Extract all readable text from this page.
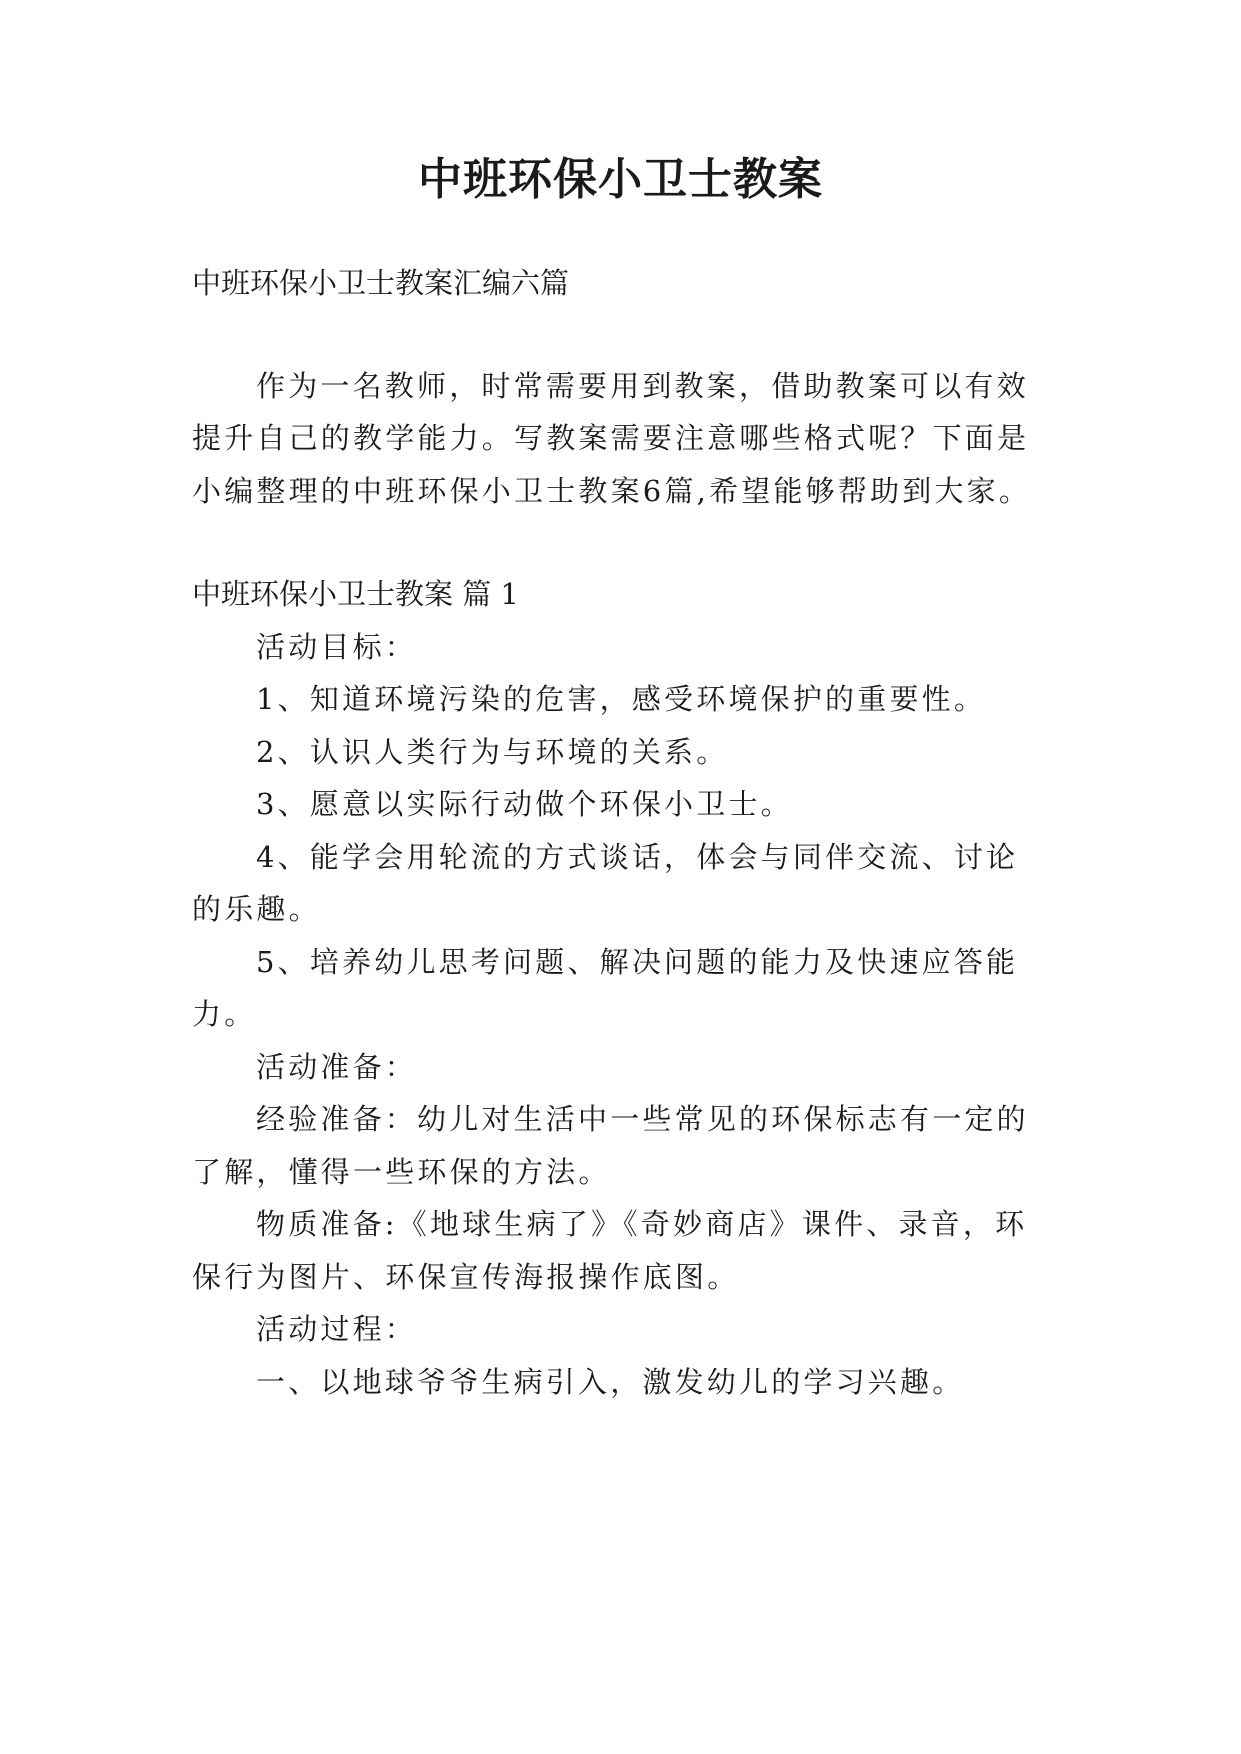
中班环保小卫士教案

中班环保小卫士教案汇编六篇

作为一名教师，时常需要用到教案，借助教案可以有效

提升自己的教学能力。写教案需要注意哪些格式呢？下面是

小编整理的中班环保小卫士教案6篇,希望能够帮助到大家。

中班环保小卫士教案 篇 1

活动目标：

1、知道环境污染的危害，感受环境保护的重要性。

2、认识人类行为与环境的关系。

3、愿意以实际行动做个环保小卫士。

4、能学会用轮流的方式谈话，体会与同伴交流、讨论

的乐趣。

5、培养幼儿思考问题、解决问题的能力及快速应答能

力。

活动准备：

经验准备：幼儿对生活中一些常见的环保标志有一定的

了解，懂得一些环保的方法。

物质准备:《地球生病了》《奇妙商店》课件、录音，环

保行为图片、环保宣传海报操作底图。

活动过程：

一、以地球爷爷生病引入，激发幼儿的学习兴趣。
